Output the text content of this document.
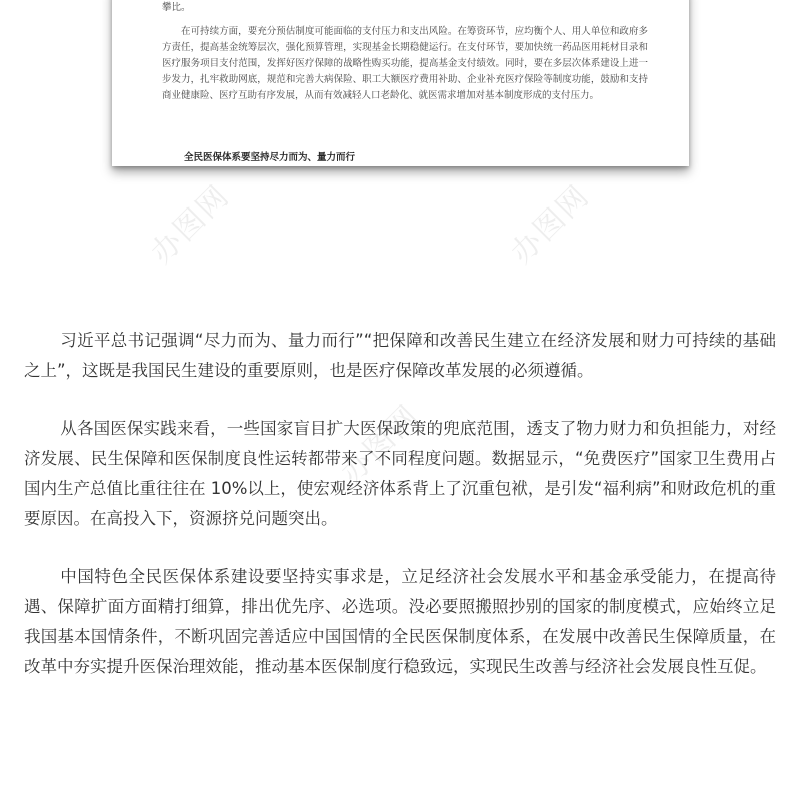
攀比。

在可持续方面，要充分预估制度可能面临的支付压力和支出风险。在筹资环节，应均衡个人、用人单位和政府多方责任，提高基金统筹层次，强化预算管理，实现基金长期稳健运行。在支付环节，要加快统一药品医用耗材目录和医疗服务项目支付范围，发挥好医疗保障的战略性购买功能，提高基金支付绩效。同时，要在多层次体系建设上进一步发力，扎牢救助网底，规范和完善大病保险、职工大额医疗费用补助、企业补充医疗保险等制度功能，鼓励和支持商业健康险、医疗互助有序发展，从而有效减轻人口老龄化、就医需求增加对基本制度形成的支付压力。

全民医保体系要坚持尽力而为、量力而行
办图网	办图网
办图网

习近平总书记强调“尽力而为、量力而行”“把保障和改善民生建立在经济发展和财力可持续的基础之上”，这既是我国民生建设的重要原则，也是医疗保障改革发展的必须遵循。

从各国医保实践来看，一些国家盲目扩大医保政策的兜底范围，透支了物力财力和负担能力，对经济发展、民生保障和医保制度良性运转都带来了不同程度问题。数据显示，“免费医疗”国家卫生费用占国内生产总值比重往往在 10%以上，使宏观经济体系背上了沉重包袱，是引发“福利病”和财政危机的重要原因。在高投入下，资源挤兑问题突出。

中国特色全民医保体系建设要坚持实事求是，立足经济社会发展水平和基金承受能力，在提高待遇、保障扩面方面精打细算，排出优先序、必选项。没必要照搬照抄别的国家的制度模式，应始终立足我国基本国情条件，不断巩固完善适应中国国情的全民医保制度体系，在发展中改善民生保障质量，在改革中夯实提升医保治理效能，推动基本医保制度行稳致远，实现民生改善与经济社会发展良性互促。
